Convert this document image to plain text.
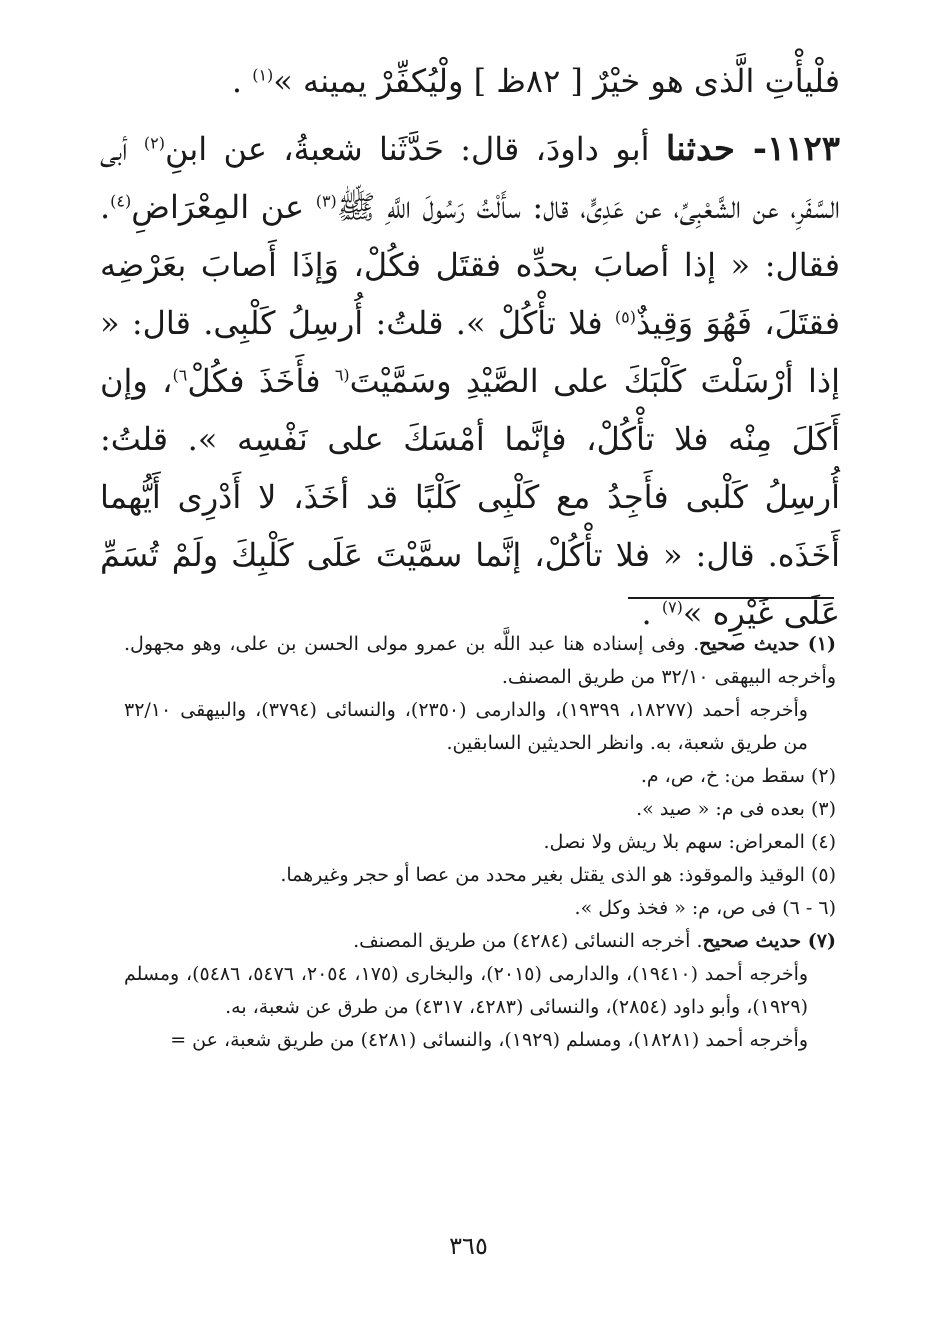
فلْيأْتِ الَّذى هو خيْرٌ [ ٨٢ظ ] ولْيُكفِّرْ يمينه »$^{(١)}$ .

١١٢٣- حدثنا أبو داودَ، قال: حَدَّثَنا شعبةُ، عن ابنِ$^{(٢)}$ أبى السَّفَرِ، عن الشَّعْبِىِّ، عن عَدِىٍّ، قال: سأَلْتُ رَسُولَ اللَّهِ ﷺ$^{(٣)}$ عن المِعْرَاضِ$^{(٤)}$. فقال: « إذا أصابَ بحدِّه فقتَل فكُلْ، وَإذَا أَصابَ بعَرْضِه فقتَلَ، فَهُوَ وَقِيذٌ$^{(٥)}$ فلا تأْكُلْ ». قلتُ: أُرسِلُ كَلْبِى. قال: « إذا أرْسَلْتَ كَلْبَكَ على الصَّيْدِ وسَمَّيْتَ$^{(٦}$ فأَخَذَ فكُلْ$^{٦)}$، وإن أَكَلَ مِنْه فلا تأْكُلْ، فإنَّما أمْسَكَ على نَفْسِه ». قلتُ: أُرسِلُ كَلْبى فأَجِدُ مع كَلْبِى كَلْبًا قد أخَذَ، لا أَدْرِى أَيُّهما أَخَذَه. قال: « فلا تأْكُلْ، إنَّما سمَّيْتَ عَلَى كَلْبِكَ ولَمْ تُسَمِّ عَلَى غَيْرِه »$^{(٧)}$ .

(١) حديث صحيح. وفى إسناده هنا عبد اللَّه بن عمرو مولى الحسن بن على، وهو مجهول. وأخرجه البيهقى ٣٢/١٠ من طريق المصنف.

وأخرجه أحمد (١٨٢٧٧، ١٩٣٩٩)، والدارمى (٢٣٥٠)، والنسائى (٣٧٩٤)، والبيهقى ٣٢/١٠ من طريق شعبة، به. وانظر الحديثين السابقين.

(٢) سقط من: خ، ص، م.

(٣) بعده فى م: « صيد ».

(٤) المعراض: سهم بلا ريش ولا نصل.

(٥) الوقيذ والموقوذ: هو الذى يقتل بغير محدد من عصا أو حجر وغيرهما.

(٦ - ٦) فى ص، م: « فخذ وكل ».

(٧) حديث صحيح. أخرجه النسائى (٤٢٨٤) من طريق المصنف.

وأخرجه أحمد (١٩٤١٠)، والدارمى (٢٠١٥)، والبخارى (١٧٥، ٢٠٥٤، ٥٤٧٦، ٥٤٨٦)، ومسلم (١٩٢٩)، وأبو داود (٢٨٥٤)، والنسائى (٤٢٨٣، ٤٣١٧) من طرق عن شعبة، به.

وأخرجه أحمد (١٨٢٨١)، ومسلم (١٩٢٩)، والنسائى (٤٢٨١) من طريق شعبة، عن =

٣٦٥
